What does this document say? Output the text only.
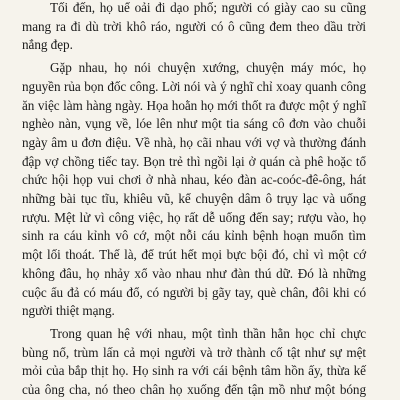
Tối đến, họ uể oải đi dạo phố; người có giày cao su cũng mang ra đi dù trời khô ráo, người có ô cũng đem theo dầu trời nắng đẹp.

Gặp nhau, họ nói chuyện xướng, chuyện máy móc, họ nguyền rủa bọn đốc công. Lời nói và ý nghĩ chỉ xoay quanh công ăn việc làm hàng ngày. Họa hoằn họ mới thốt ra được một ý nghĩ nghèo nàn, vụng về, lóe lên như một tia sáng cô đơn vào chuỗi ngày âm u đơn điệu. Về nhà, họ cãi nhau với vợ và thường đánh đập vợ chồng tiếc tay. Bọn trẻ thì ngồi lại ở quán cà phê hoặc tổ chức hội họp vui chơi ở nhà nhau, kéo đàn ac-coóc-đê-ông, hát những bài tục tĩu, khiêu vũ, kể chuyện dâm ô trụy lạc và uống rượu. Mệt lử vì công việc, họ rất dễ uống đến say; rượu vào, họ sinh ra cáu kỉnh vô cớ, một nỗi cáu kỉnh bệnh hoạn muốn tìm một lối thoát. Thế là, để trút hết mọi bực bội đó, chỉ vì một cớ không đâu, họ nhảy xổ vào nhau như đàn thú dữ. Đó là những cuộc ẩu đả có máu đổ, có người bị gãy tay, què chân, đôi khi có người thiệt mạng.

Trong quan hệ với nhau, một tình thần hằn học chỉ chực bùng nổ, trùm lấn cả mọi người và trở thành cố tật như sự mệt mỏi của bắp thịt họ. Họ sinh ra với cái bệnh tâm hồn ấy, thừa kế của ông cha, nó theo chân họ xuống đến tận mồ như một bóng
